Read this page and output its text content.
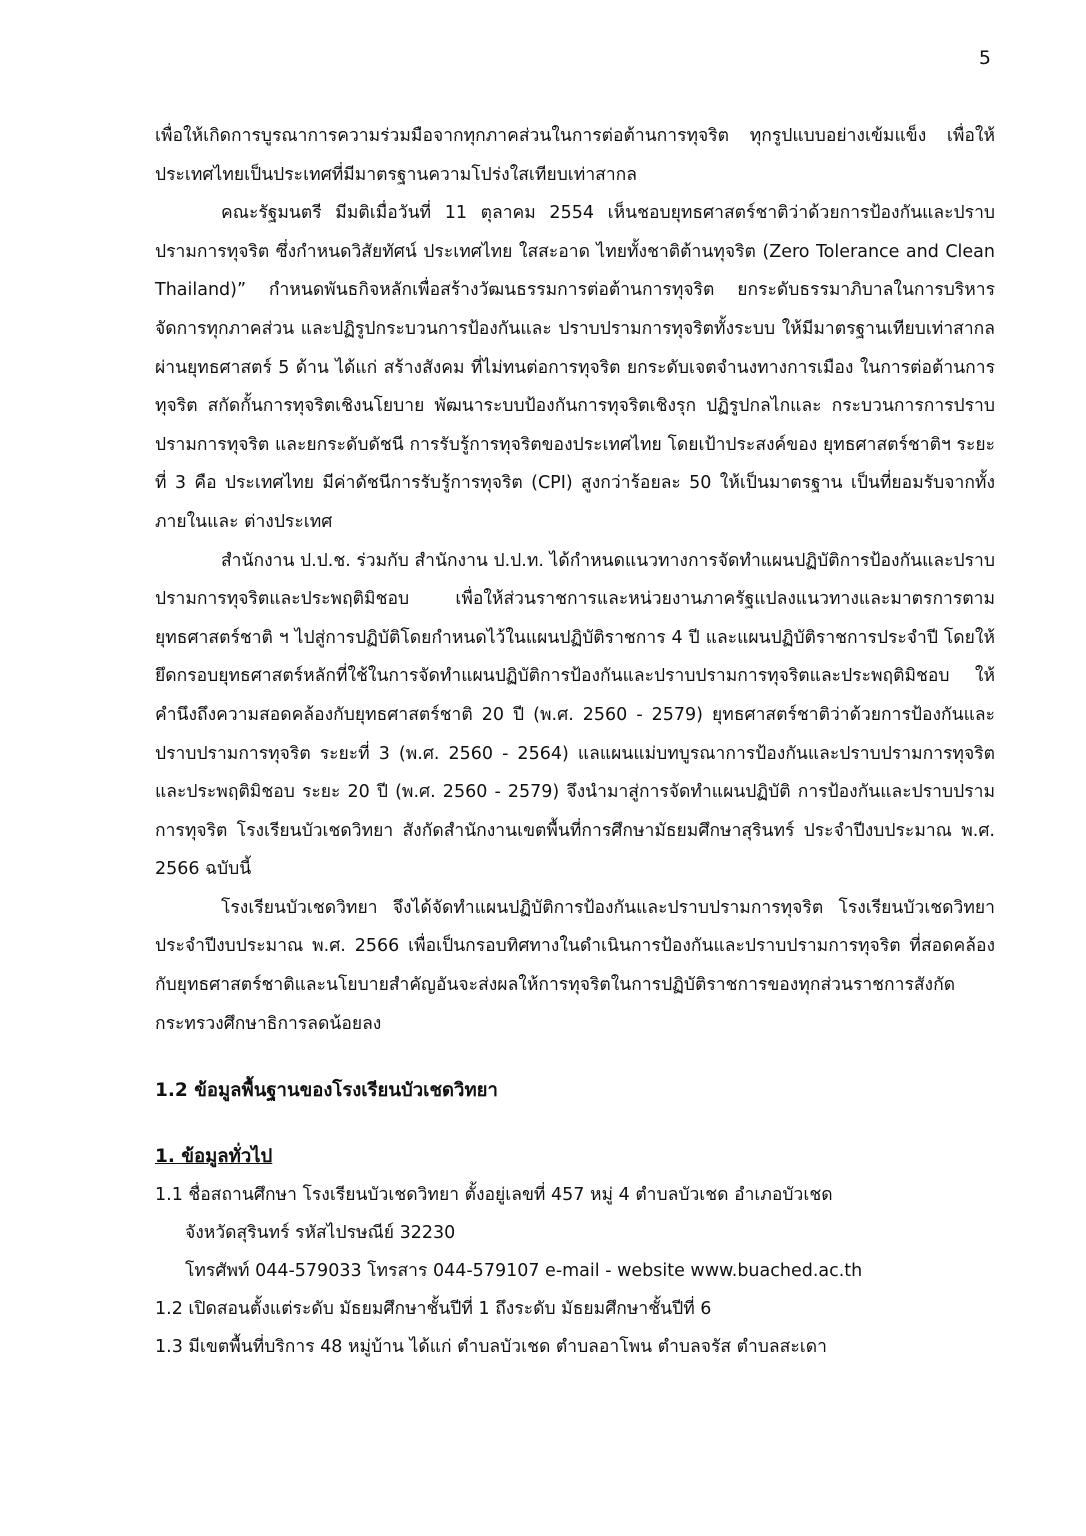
5

เพื่อให้เกิดการบูรณาการความร่วมมือจากทุกภาคส่วนในการต่อต้านการทุจริต ทุกรูปแบบอย่างเข้มแข็ง เพื่อให้ประเทศไทยเป็นประเทศที่มีมาตรฐานความโปร่งใสเทียบเท่าสากล

คณะรัฐมนตรี มีมติเมื่อวันที่ 11 ตุลาคม 2554 เห็นชอบยุทธศาสตร์ชาติว่าด้วยการป้องกันและปราบปรามการทุจริต ซึ่งกำหนดวิสัยทัศน์ ประเทศไทย ใสสะอาด ไทยทั้งชาติต้านทุจริต (Zero Tolerance and Clean Thailand)” กำหนดพันธกิจหลักเพื่อสร้างวัฒนธรรมการต่อต้านการทุจริต ยกระดับธรรมาภิบาลในการบริหารจัดการทุกภาคส่วน และปฏิรูปกระบวนการป้องกันและ ปราบปรามการทุจริตทั้งระบบ ให้มีมาตรฐานเทียบเท่าสากล ผ่านยุทธศาสตร์ 5 ด้าน ได้แก่ สร้างสังคม ที่ไม่ทนต่อการทุจริต ยกระดับเจตจำนงทางการเมือง ในการต่อต้านการทุจริต สกัดกั้นการทุจริตเชิงนโยบาย พัฒนาระบบป้องกันการทุจริตเชิงรุก ปฏิรูปกลไกและ กระบวนการการปราบปรามการทุจริต และยกระดับดัชนี การรับรู้การทุจริตของประเทศไทย โดยเป้าประสงค์ของ ยุทธศาสตร์ชาติฯ ระยะที่ 3 คือ ประเทศไทย มีค่าดัชนีการรับรู้การทุจริต (CPI) สูงกว่าร้อยละ 50 ให้เป็นมาตรฐาน เป็นที่ยอมรับจากทั้งภายในและ ต่างประเทศ

สำนักงาน ป.ป.ช. ร่วมกับ สำนักงาน ป.ป.ท. ได้กำหนดแนวทางการจัดทำแผนปฏิบัติการป้องกันและปราบปรามการทุจริตและประพฤติมิชอบ เพื่อให้ส่วนราชการและหน่วยงานภาครัฐแปลงแนวทางและมาตรการตามยุทธศาสตร์ชาติ ฯ ไปสู่การปฏิบัติโดยกำหนดไว้ในแผนปฏิบัติราชการ 4 ปี และแผนปฏิบัติราชการประจำปี โดยให้ยึดกรอบยุทธศาสตร์หลักที่ใช้ในการจัดทำแผนปฏิบัติการป้องกันและปราบปรามการทุจริตและประพฤติมิชอบ ให้คำนึงถึงความสอดคล้องกับยุทธศาสตร์ชาติ 20 ปี (พ.ศ. 2560 - 2579) ยุทธศาสตร์ชาติว่าด้วยการป้องกันและปราบปรามการทุจริต ระยะที่ 3 (พ.ศ. 2560 - 2564) แลแผนแม่บทบูรณาการป้องกันและปราบปรามการทุจริตและประพฤติมิชอบ ระยะ 20 ปี (พ.ศ. 2560 - 2579) จึงนำมาสู่การจัดทำแผนปฏิบัติ การป้องกันและปราบปราม การทุจริต โรงเรียนบัวเชดวิทยา สังกัดสำนักงานเขตพื้นที่การศึกษามัธยมศึกษาสุรินทร์ ประจำปีงบประมาณ พ.ศ. 2566 ฉบับนี้

โรงเรียนบัวเชดวิทยา จึงได้จัดทำแผนปฏิบัติการป้องกันและปราบปรามการทุจริต โรงเรียนบัวเชดวิทยา ประจำปีงบประมาณ พ.ศ. 2566 เพื่อเป็นกรอบทิศทางในดำเนินการป้องกันและปราบปรามการทุจริต ที่สอดคล้องกับยุทธศาสตร์ชาติและนโยบายสำคัญอันจะส่งผลให้การทุจริตในการปฏิบัติราชการของทุกส่วนราชการสังกัดกระทรวงศึกษาธิการลดน้อยลง

1.2 ข้อมูลพื้นฐานของโรงเรียนบัวเชดวิทยา
1. ข้อมูลทั่วไป

1.1 ชื่อสถานศึกษา โรงเรียนบัวเชดวิทยา ตั้งอยู่เลขที่ 457 หมู่ 4 ตำบลบัวเชด อำเภอบัวเชด

จังหวัดสุรินทร์ รหัสไปรษณีย์ 32230

โทรศัพท์ 044-579033 โทรสาร 044-579107 e-mail - website www.buached.ac.th

1.2 เปิดสอนตั้งแต่ระดับ มัธยมศึกษาชั้นปีที่ 1 ถึงระดับ มัธยมศึกษาชั้นปีที่ 6

1.3 มีเขตพื้นที่บริการ 48 หมู่บ้าน ได้แก่ ตำบลบัวเชด ตำบลอาโพน ตำบลจรัส ตำบลสะเดา
